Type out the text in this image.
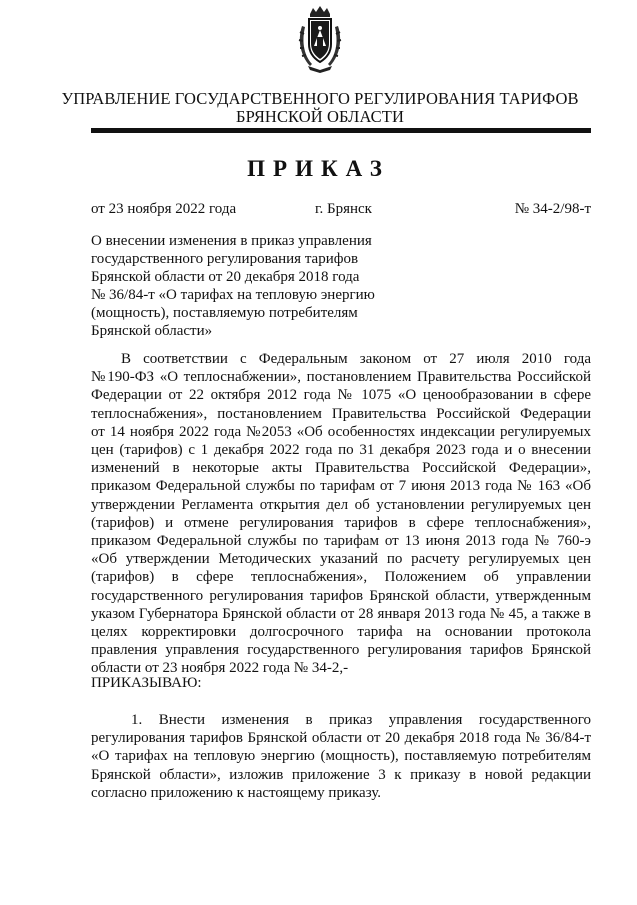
УПРАВЛЕНИЕ ГОСУДАРСТВЕННОГО РЕГУЛИРОВАНИЯ ТАРИФОВ
БРЯНСКОЙ ОБЛАСТИ
ПРИКАЗ
от 23 ноября 2022 года	г. Брянск	№ 34-2/98-т
О внесении изменения в приказ управления
государственного регулирования тарифов
Брянской области от 20 декабря 2018 года
№ 36/84-т «О тарифах на тепловую энергию
(мощность), поставляемую потребителям
Брянской области»
В соответствии с Федеральным законом от 27 июля 2010 года
№190-ФЗ «О теплоснабжении», постановлением Правительства Российской
Федерации от 22 октября 2012 года № 1075 «О ценообразовании в сфере
теплоснабжения», постановлением Правительства Российской Федерации
от 14 ноября 2022 года №2053 «Об особенностях индексации регулируемых
цен (тарифов) с 1 декабря 2022 года по 31 декабря 2023 года и о внесении
изменений в некоторые акты Правительства Российской Федерации»,
приказом Федеральной службы по тарифам от 7 июня 2013 года № 163 «Об
утверждении Регламента открытия дел об установлении регулируемых цен
(тарифов) и отмене регулирования тарифов в сфере теплоснабжения»,
приказом Федеральной службы по тарифам от 13 июня 2013 года № 760-э
«Об утверждении Методических указаний по расчету регулируемых цен
(тарифов) в сфере теплоснабжения», Положением об управлении
государственного регулирования тарифов Брянской области, утвержденным
указом Губернатора Брянской области от 28 января 2013 года № 45, а также в
целях корректировки долгосрочного тарифа на основании протокола
правления управления государственного регулирования тарифов Брянской
области от 23 ноября 2022 года № 34-2,-
ПРИКАЗЫВАЮ:
1. Внести изменения в приказ управления государственного
регулирования тарифов Брянской области от 20 декабря 2018 года № 36/84-т
«О тарифах на тепловую энергию (мощность), поставляемую потребителям
Брянской области», изложив приложение 3 к приказу в новой редакции
согласно приложению к настоящему приказу.
